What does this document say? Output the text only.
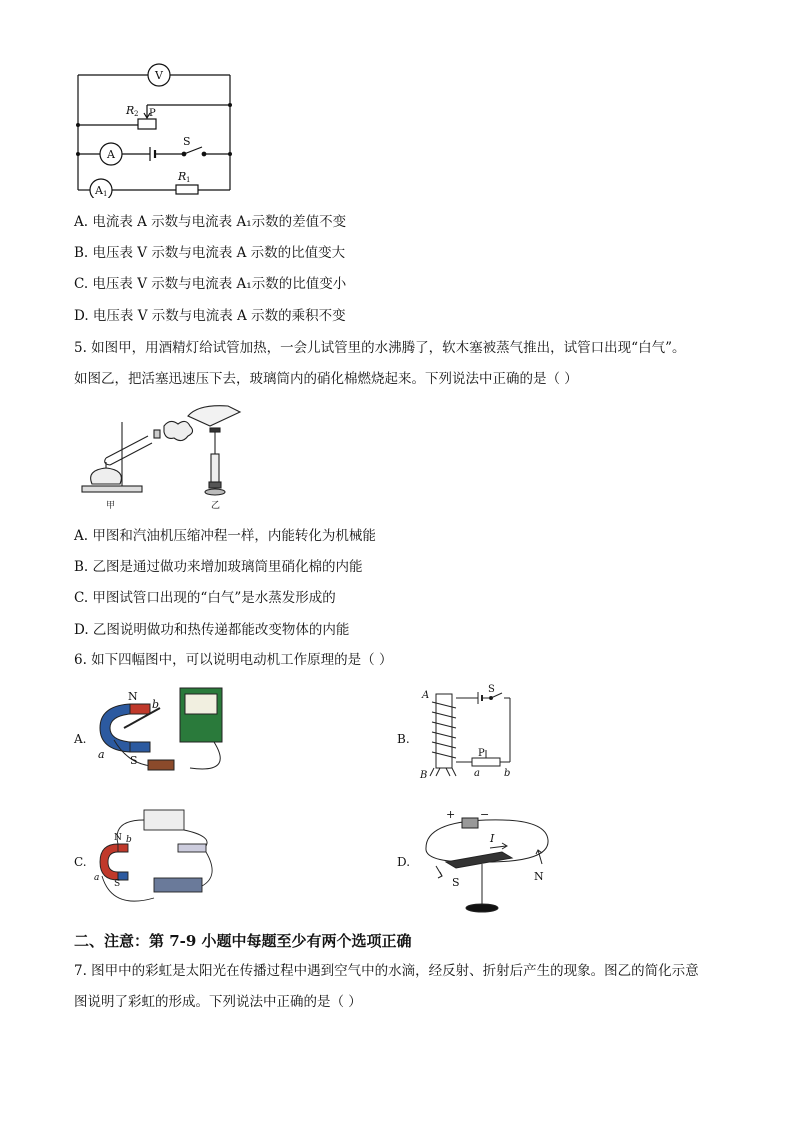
V
A
A 1
R 2 P
S
R 1
A. 电流表 A 示数与电流表 A₁示数的差值不变
B. 电压表 V 示数与电流表 A 示数的比值变大
C. 电压表 V 示数与电流表 A₁示数的比值变小
D. 电压表 V 示数与电流表 A 示数的乘积不变
5. 如图甲，用酒精灯给试管加热，一会儿试管里的水沸腾了，软木塞被蒸气推出，试管口出现“白气”。
如图乙，把活塞迅速压下去，玻璃筒内的硝化棉燃烧起来。下列说法中正确的是（ ）
甲	乙
A. 甲图和汽油机压缩冲程一样，内能转化为机械能
B. 乙图是通过做功来增加玻璃筒里硝化棉的内能
C. 甲图试管口出现的“白气”是水蒸发形成的
D. 乙图说明做功和热传递都能改变物体的内能
6. 如下四幅图中，可以说明电动机工作原理的是（ ）
A.
N
b
a S
B.
A
B
S
P
a b
C.
N b
a
S
D.
+ −
I
S	N
二、注意：第 7-9 小题中每题至少有两个选项正确
7. 图甲中的彩虹是太阳光在传播过程中遇到空气中的水滴，经反射、折射后产生的现象。图乙的简化示意
图说明了彩虹的形成。下列说法中正确的是（ ）
